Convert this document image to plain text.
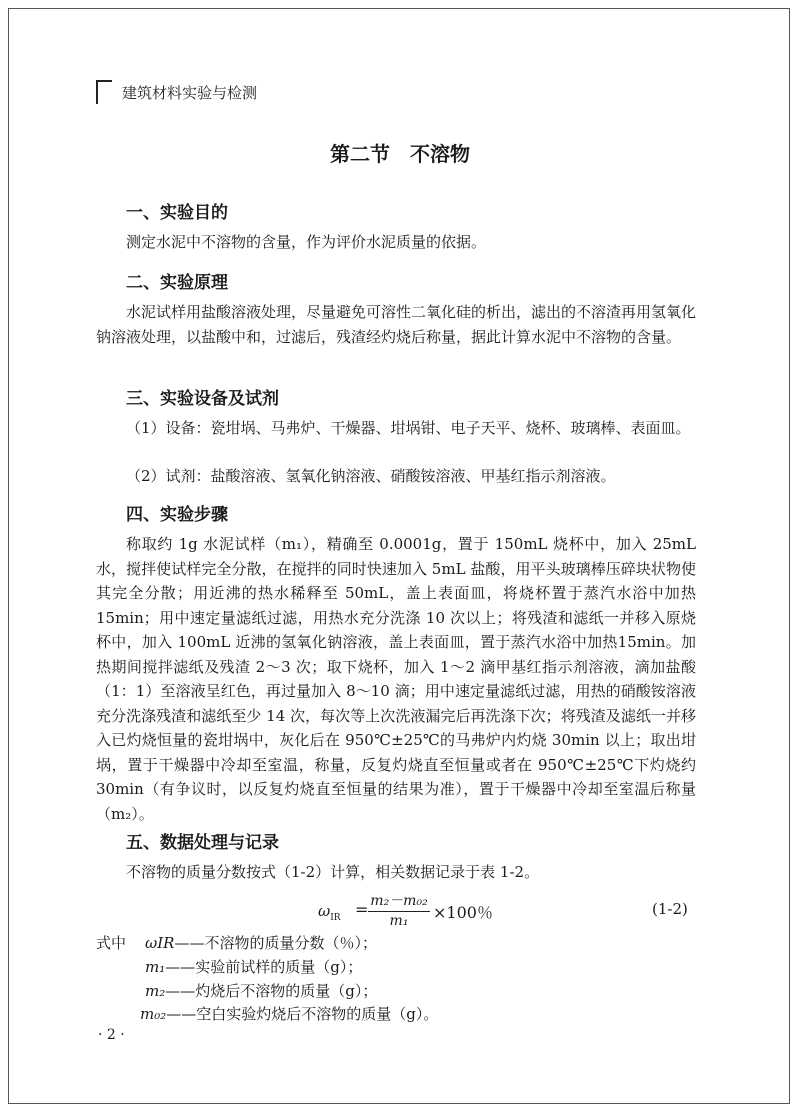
建筑材料实验与检测
第二节　不溶物
一、实验目的
测定水泥中不溶物的含量，作为评价水泥质量的依据。
二、实验原理
水泥试样用盐酸溶液处理，尽量避免可溶性二氧化硅的析出，滤出的不溶渣再用氢氧化钠溶液处理，以盐酸中和，过滤后，残渣经灼烧后称量，据此计算水泥中不溶物的含量。
三、实验设备及试剂
（1）设备：瓷坩埚、马弗炉、干燥器、坩埚钳、电子天平、烧杯、玻璃棒、表面皿。
（2）试剂：盐酸溶液、氢氧化钠溶液、硝酸铵溶液、甲基红指示剂溶液。
四、实验步骤
称取约 1g 水泥试样（m₁），精确至 0.0001g，置于 150mL 烧杯中，加入 25mL 水，搅拌使试样完全分散，在搅拌的同时快速加入 5mL 盐酸，用平头玻璃棒压碎块状物使其完全分散；用近沸的热水稀释至 50mL，盖上表面皿，将烧杯置于蒸汽水浴中加热 15min；用中速定量滤纸过滤，用热水充分洗涤 10 次以上；将残渣和滤纸一并移入原烧杯中，加入 100mL 近沸的氢氧化钠溶液，盖上表面皿，置于蒸汽水浴中加热15min。加热期间搅拌滤纸及残渣 2～3 次；取下烧杯，加入 1～2 滴甲基红指示剂溶液，滴加盐酸（1：1）至溶液呈红色，再过量加入 8～10 滴；用中速定量滤纸过滤，用热的硝酸铵溶液充分洗涤残渣和滤纸至少 14 次，每次等上次洗液漏完后再洗涤下次；将残渣及滤纸一并移入已灼烧恒量的瓷坩埚中，灰化后在 950℃±25℃的马弗炉内灼烧 30min 以上；取出坩埚，置于干燥器中冷却至室温，称量，反复灼烧直至恒量或者在 950℃±25℃下灼烧约 30min（有争议时，以反复灼烧直至恒量的结果为准），置于干燥器中冷却至室温后称量（m₂）。
五、数据处理与记录
不溶物的质量分数按式（1-2）计算，相关数据记录于表 1-2。
$\omega_{IR} = \frac{\text{m₂－m₀₂}}{\text{m₁}} \times 100$％	(1-2)
式中 ωIR——不溶物的质量分数（％）；
m₁——实验前试样的质量（g）；
m₂——灼烧后不溶物的质量（g）；
m₀₂——空白实验灼烧后不溶物的质量（g）。
· 2 ·
